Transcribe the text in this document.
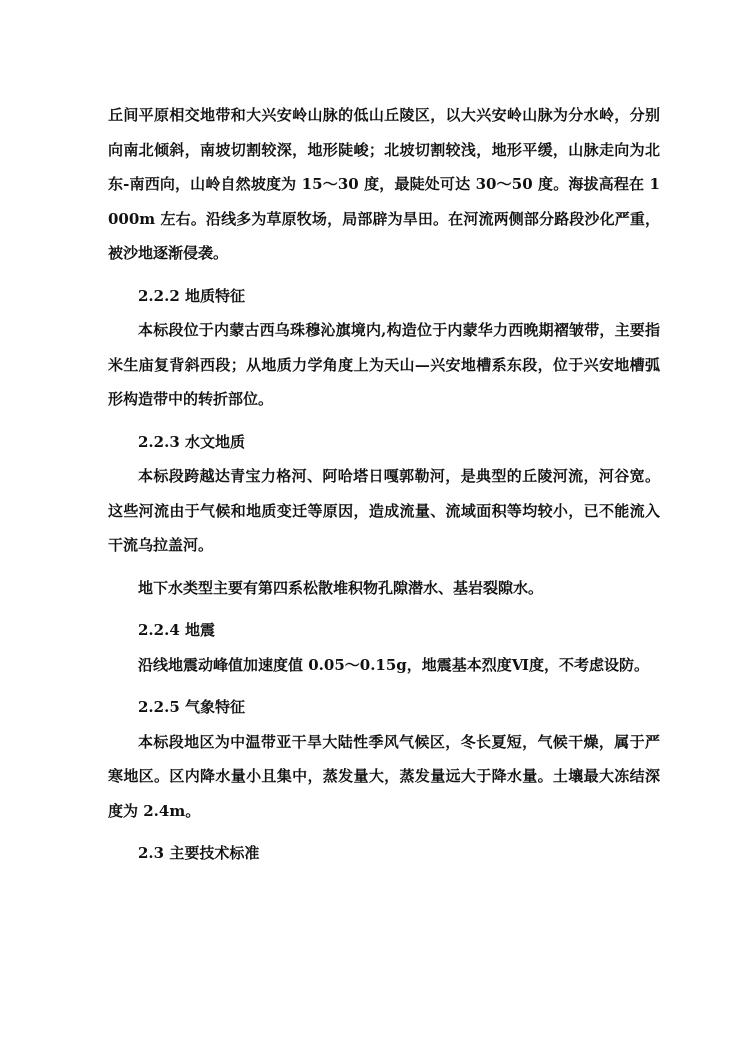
丘间平原相交地带和大兴安岭山脉的低山丘陵区，以大兴安岭山脉为分水岭，分别向南北倾斜，南坡切割较深，地形陡峻；北坡切割较浅，地形平缓，山脉走向为北东-南西向，山岭自然坡度为 15～30 度，最陡处可达 30～50 度。海拔高程在 1000m 左右。沿线多为草原牧场，局部辟为旱田。在河流两侧部分路段沙化严重，被沙地逐渐侵袭。

2.2.2 地质特征

本标段位于内蒙古西乌珠穆沁旗境内,构造位于内蒙华力西晚期褶皱带，主要指米生庙复背斜西段；从地质力学角度上为天山—兴安地槽系东段，位于兴安地槽弧形构造带中的转折部位。

2.2.3 水文地质

本标段跨越达青宝力格河、阿哈塔日嘎郭勒河，是典型的丘陵河流，河谷宽。这些河流由于气候和地质变迁等原因，造成流量、流域面积等均较小，已不能流入干流乌拉盖河。

地下水类型主要有第四系松散堆积物孔隙潜水、基岩裂隙水。

2.2.4 地震

沿线地震动峰值加速度值 0.05～0.15g，地震基本烈度Ⅵ度，不考虑设防。

2.2.5 气象特征

本标段地区为中温带亚干旱大陆性季风气候区，冬长夏短，气候干燥，属于严寒地区。区内降水量小且集中，蒸发量大，蒸发量远大于降水量。土壤最大冻结深度为 2.4m。

2.3 主要技术标准
